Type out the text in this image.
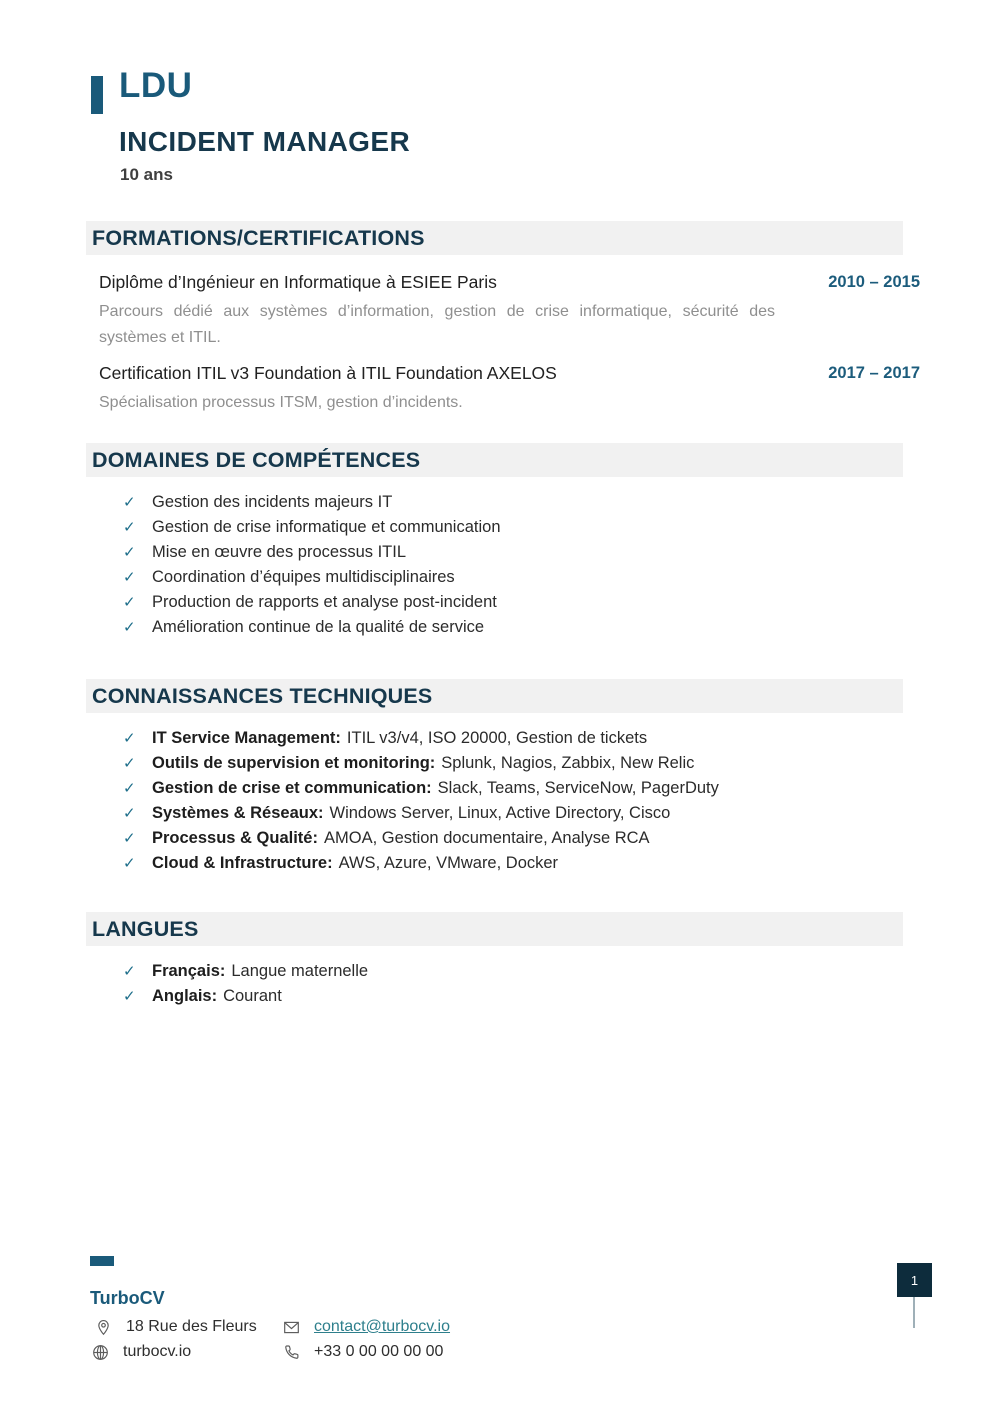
LDU
INCIDENT MANAGER
10 ans
FORMATIONS/CERTIFICATIONS
Diplôme d’Ingénieur en Informatique à ESIEE Paris	2010 – 2015
Parcours dédié aux systèmes d’information, gestion de crise informatique, sécurité des systèmes et ITIL.
Certification ITIL v3 Foundation à ITIL Foundation AXELOS	2017 – 2017
Spécialisation processus ITSM, gestion d’incidents.
DOMAINES DE COMPÉTENCES
✓ Gestion des incidents majeurs IT
✓ Gestion de crise informatique et communication
✓ Mise en œuvre des processus ITIL
✓ Coordination d’équipes multidisciplinaires
✓ Production de rapports et analyse post-incident
✓ Amélioration continue de la qualité de service
CONNAISSANCES TECHNIQUES
✓ IT Service Management: ITIL v3/v4, ISO 20000, Gestion de tickets
✓ Outils de supervision et monitoring: Splunk, Nagios, Zabbix, New Relic
✓ Gestion de crise et communication: Slack, Teams, ServiceNow, PagerDuty
✓ Systèmes & Réseaux: Windows Server, Linux, Active Directory, Cisco
✓ Processus & Qualité: AMOA, Gestion documentaire, Analyse RCA
✓ Cloud & Infrastructure: AWS, Azure, VMware, Docker
LANGUES
✓ Français: Langue maternelle
✓ Anglais: Courant
TurboCV
18 Rue des Fleurs
turbocv.io
contact@turbocv.io
+33 0 00 00 00 00
1
